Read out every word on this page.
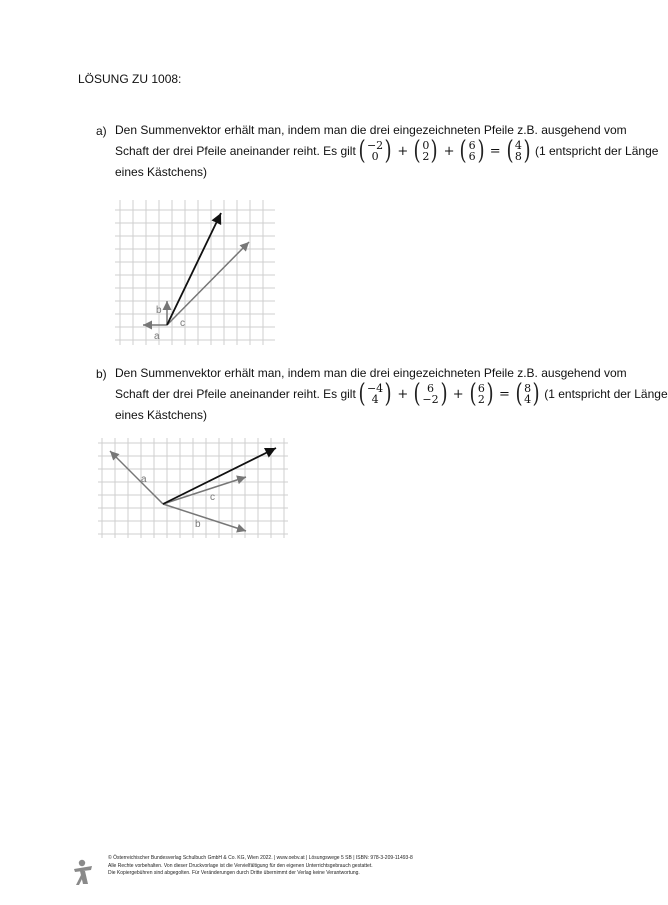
LÖSUNG ZU 1008:
a) Den Summenvektor erhält man, indem man die drei eingezeichneten Pfeile z.B. ausgehend vom
Schaft der drei Pfeile aneinander reiht. Es gilt ( −2
0 ) + ( 0
2 ) + ( 6
6 ) = ( 4
8 ) (1 entspricht der Länge
eines Kästchens)
b
a
c
b) Den Summenvektor erhält man, indem man die drei eingezeichneten Pfeile z.B. ausgehend vom
Schaft der drei Pfeile aneinander reiht. Es gilt ( −4
4 ) + ( 6
−2 ) + ( 6
2 ) = ( 8
4 ) (1 entspricht der Länge
eines Kästchens)
a
c
b
© Österreichischer Bundesverlag Schulbuch GmbH & Co. KG, Wien 2022. | www.oebv.at | Lösungswege 5 SB | ISBN: 978-3-209-11493-8
Alle Rechte vorbehalten. Von dieser Druckvorlage ist die Vervielfältigung für den eigenen Unterrichtsgebrauch gestattet.
Die Kopiergebühren sind abgegolten. Für Veränderungen durch Dritte übernimmt der Verlag keine Verantwortung.
